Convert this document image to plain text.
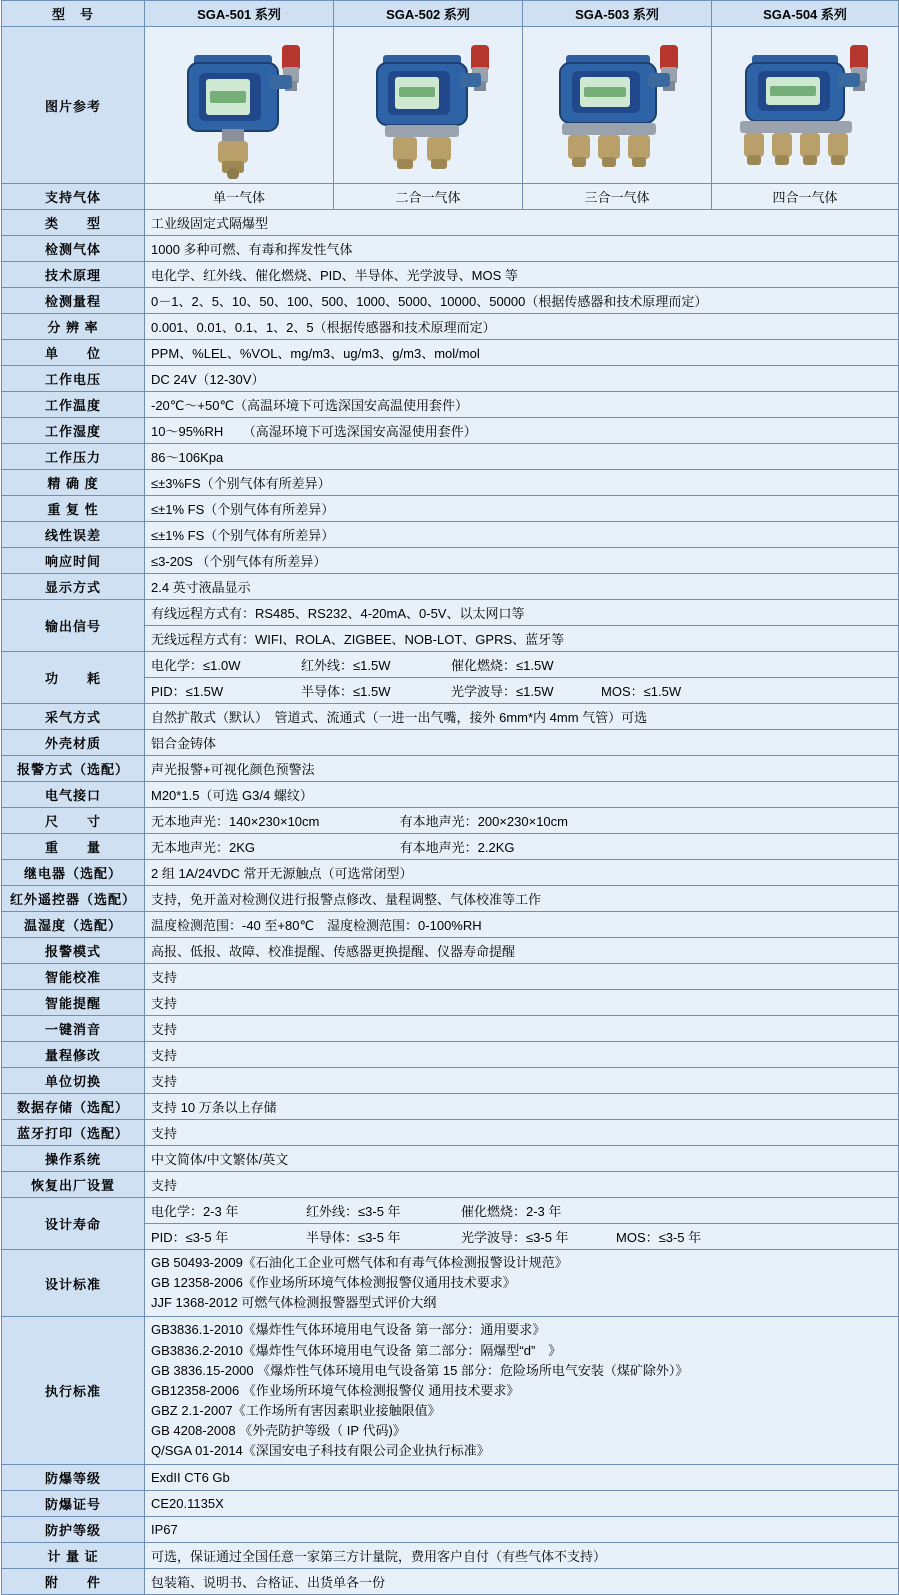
型　号	SGA-501 系列	SGA-502 系列	SGA-503 系列	SGA-504 系列
图片参考	

支持气体	单一气体	二合一气体	三合一气体	四合一气体
类　　型	工业级固定式隔爆型			
检测气体	1000 多种可燃、有毒和挥发性气体			
技术原理	电化学、红外线、催化燃烧、PID、半导体、光学波导、MOS 等			
检测量程	0－1、2、5、10、50、100、500、1000、5000、10000、50000（根据传感器和技术原理而定）			
分 辨 率	0.001、0.01、0.1、1、2、5（根据传感器和技术原理而定）			
单　　位	PPM、%LEL、%VOL、mg/m3、ug/m3、g/m3、mol/mol			
工作电压	DC 24V（12-30V）			
工作温度	-20℃～+50℃（高温环境下可选深国安高温使用套件）			
工作湿度	10～95%RH　　（高湿环境下可选深国安高湿使用套件）			
工作压力	86～106Kpa			
精 确 度	≤±3%FS（个别气体有所差异）			
重 复 性	≤±1% FS（个别气体有所差异）			
线性误差	≤±1% FS（个别气体有所差异）			
响应时间	≤3-20S （个别气体有所差异）			
显示方式	2.4 英寸液晶显示			
输出信号	有线远程方式有：RS485、RS232、4-20mA、0-5V、以太网口等			
	无线远程方式有：WIFI、ROLA、ZIGBEE、NOB-LOT、GPRS、蓝牙等			
功　　耗	电化学：≤1.0W 红外线：≤1.5W 催化燃烧：≤1.5W			

	PID：≤1.5W 半导体：≤1.5W 光学波导：≤1.5W MOS：≤1.5W			

采气方式	自然扩散式（默认）　管道式、流通式（一进一出气嘴，接外 6mm*内 4mm 气管）可选			
外壳材质	铝合金铸体			
报警方式（选配）	声光报警+可视化颜色预警法			
电气接口	M20*1.5（可选 G3/4 螺纹）			
尺　　寸	无本地声光：140×230×10cm 有本地声光：200×230×10cm			
重　　量	无本地声光：2KG 有本地声光：2.2KG			
继电器（选配）	2 组 1A/24VDC 常开无源触点（可选常闭型）			
红外遥控器（选配）	支持，免开盖对检测仪进行报警点修改、量程调整、气体校准等工作			
温湿度（选配）	温度检测范围：-40 至+80℃　湿度检测范围：0-100%RH			
报警模式	高报、低报、故障、校准提醒、传感器更换提醒、仪器寿命提醒			
智能校准	支持			
智能提醒	支持			
一键消音	支持			
量程修改	支持			
单位切换	支持			
数据存储（选配）	支持 10 万条以上存储			
蓝牙打印（选配）	支持			
操作系统	中文简体/中文繁体/英文			
恢复出厂设置	支持			
设计寿命	电化学：2-3 年 红外线：≤3-5 年 催化燃烧：2-3 年			

	PID：≤3-5 年 半导体：≤3-5 年 光学波导：≤3-5 年 MOS：≤3-5 年			

设计标准	GB 50493-2009《石油化工企业可燃气体和有毒气体检测报警设计规范》
GB 12358-2006《作业场所环境气体检测报警仪通用技术要求》
JJF 1368-2012 可燃气体检测报警器型式评价大纲			

执行标准	
GB3836.1-2010《爆炸性气体环境用电气设备 第一部分：通用要求》
GB3836.2-2010《爆炸性气体环境用电气设备 第二部分：隔爆型“d”　》
GB 3836.15-2000 《爆炸性气体环境用电气设备第 15 部分：危险场所电气安装（煤矿除外）》
GB12358-2006 《作业场所环境气体检测报警仪 通用技术要求》
GBZ 2.1-2007《工作场所有害因素职业接触限值》
GB 4208-2008 《外壳防护等级（ IP 代码)》
Q/SGA 01-2014《深国安电子科技有限公司企业执行标准》

防爆等级	ExdII CT6 Gb			
防爆证号	CE20.1135X			
防护等级	IP67			
计 量 证	可选，保证通过全国任意一家第三方计量院，费用客户自付（有些气体不支持）			
附　　件	包装箱、说明书、合格证、出货单各一份			
